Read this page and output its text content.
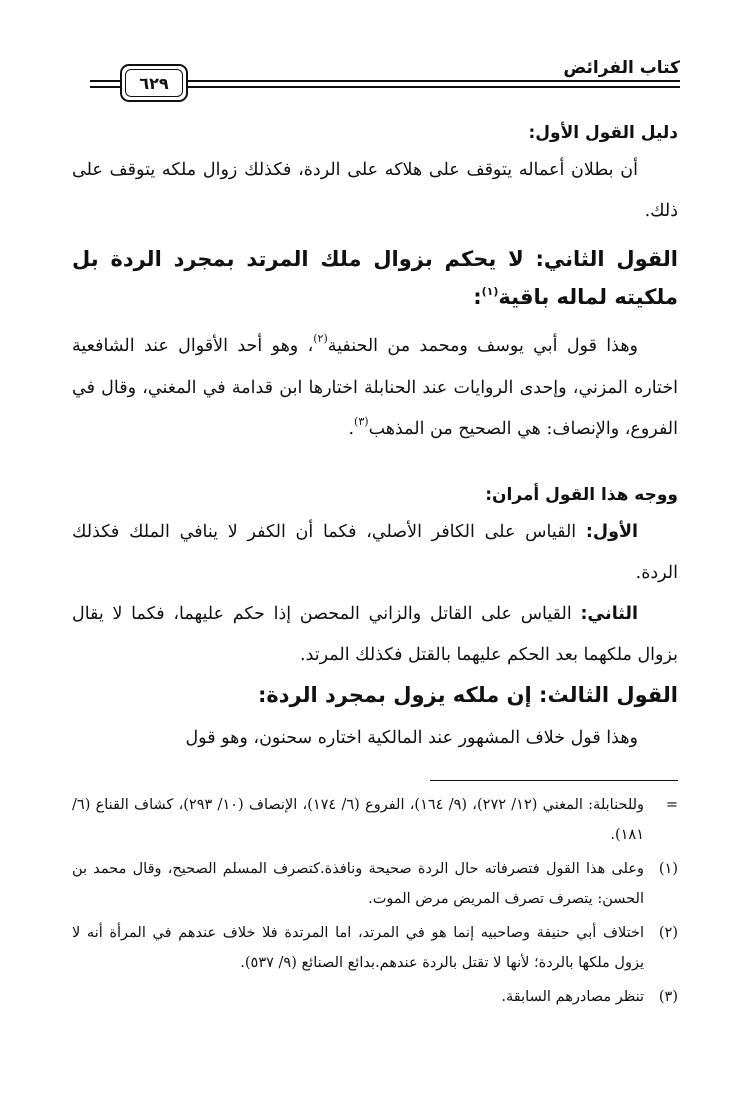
كتاب الفرائض
٦٢٩
دليل القول الأول:
أن بطلان أعماله يتوقف على هلاكه على الردة، فكذلك زوال ملكه يتوقف على ذلك.
القول الثاني: لا يحكم بزوال ملك المرتد بمجرد الردة بل ملكيته لماله باقية$^{(١)}$:
وهذا قول أبي يوسف ومحمد من الحنفية$^{(٢)}$، وهو أحد الأقوال عند الشافعية اختاره المزني، وإحدى الروايات عند الحنابلة اختارها ابن قدامة في المغني، وقال في الفروع، والإنصاف: هي الصحيح من المذهب$^{(٣)}$.
ووجه هذا القول أمران:
الأول: القياس على الكافر الأصلي، فكما أن الكفر لا ينافي الملك فكذلك الردة.
الثاني: القياس على القاتل والزاني المحصن إذا حكم عليهما، فكما لا يقال بزوال ملكهما بعد الحكم عليهما بالقتل فكذلك المرتد.
القول الثالث: إن ملكه يزول بمجرد الردة:
وهذا قول خلاف المشهور عند المالكية اختاره سحنون، وهو قول
=
وللحنابلة: المغني (١٢/ ٢٧٢)، (٩/ ١٦٤)، الفروع (٦/ ١٧٤)، الإنصاف (١٠/ ٢٩٣)، كشاف القناع (٦/ ١٨١).
(١)
وعلى هذا القول فتصرفاته حال الردة صحيحة ونافذة.كتصرف المسلم الصحيح، وقال محمد بن الحسن: يتصرف تصرف المريض مرض الموت.
(٢)
اختلاف أبي حنيفة وصاحبيه إنما هو في المرتد، اما المرتدة فلا خلاف عندهم في المرأة أنه لا يزول ملكها بالردة؛ لأنها لا تقتل بالردة عندهم.بدائع الصنائع (٩/ ٥٣٧).
(٣)
تنظر مصادرهم السابقة.
